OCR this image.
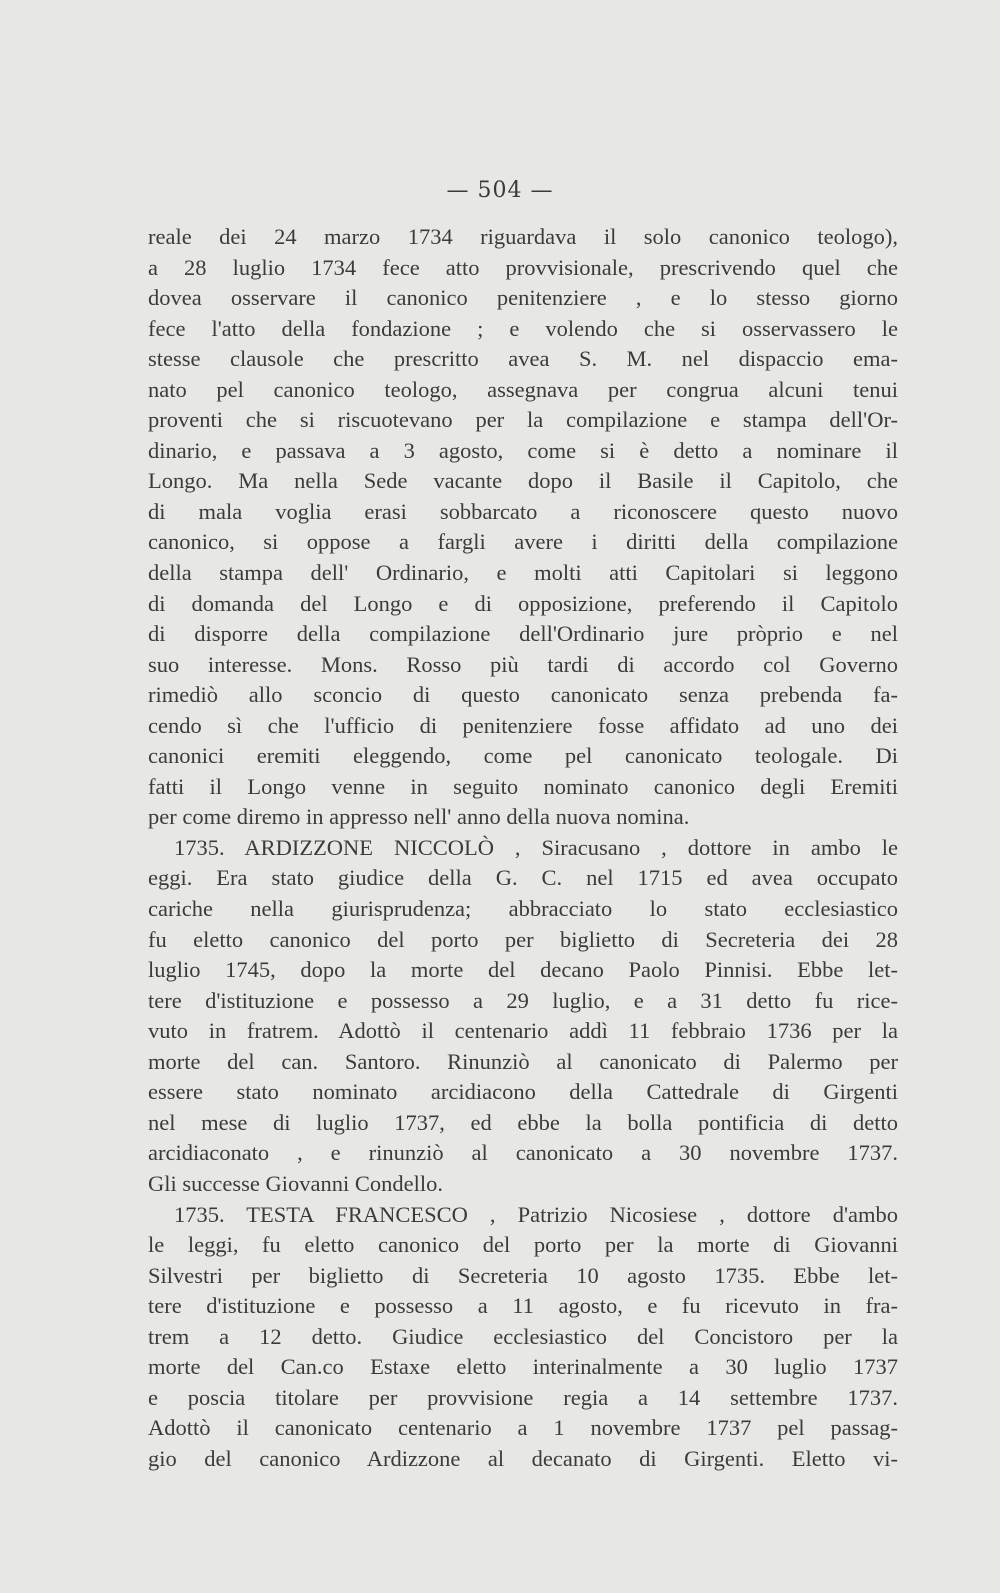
— 504 —
reale dei 24 marzo 1734 riguardava il solo canonico teologo),
a 28 luglio 1734 fece atto provvisionale, prescrivendo quel che
dovea osservare il canonico penitenziere , e lo stesso giorno
fece l'atto della fondazione ; e volendo che si osservassero le
stesse clausole che prescritto avea S. M. nel dispaccio ema-
nato pel canonico teologo, assegnava per congrua alcuni tenui
proventi che si riscuotevano per la compilazione e stampa dell'Or-
dinario, e passava a 3 agosto, come si è detto a nominare il
Longo. Ma nella Sede vacante dopo il Basile il Capitolo, che
di mala voglia erasi sobbarcato a riconoscere questo nuovo
canonico, si oppose a fargli avere i diritti della compilazione
della stampa dell' Ordinario, e molti atti Capitolari si leggono
di domanda del Longo e di opposizione, preferendo il Capitolo
di disporre della compilazione dell'Ordinario jure pròprio e nel
suo interesse. Mons. Rosso più tardi di accordo col Governo
rimediò allo sconcio di questo canonicato senza prebenda fa-
cendo sì che l'ufficio di penitenziere fosse affidato ad uno dei
canonici eremiti eleggendo, come pel canonicato teologale. Di
fatti il Longo venne in seguito nominato canonico degli Eremiti
per come diremo in appresso nell' anno della nuova nomina.
1735. ARDIZZONE NICCOLÒ , Siracusano , dottore in ambo le
eggi. Era stato giudice della G. C. nel 1715 ed avea occupato
cariche nella giurisprudenza; abbracciato lo stato ecclesiastico
fu eletto canonico del porto per biglietto di Secreteria dei 28
luglio 1745, dopo la morte del decano Paolo Pinnisi. Ebbe let-
tere d'istituzione e possesso a 29 luglio, e a 31 detto fu rice-
vuto in fratrem. Adottò il centenario addì 11 febbraio 1736 per la
morte del can. Santoro. Rinunziò al canonicato di Palermo per
essere stato nominato arcidiacono della Cattedrale di Girgenti
nel mese di luglio 1737, ed ebbe la bolla pontificia di detto
arcidiaconato , e rinunziò al canonicato a 30 novembre 1737.
Gli successe Giovanni Condello.
1735. TESTA FRANCESCO , Patrizio Nicosiese , dottore d'ambo
le leggi, fu eletto canonico del porto per la morte di Giovanni
Silvestri per biglietto di Secreteria 10 agosto 1735. Ebbe let-
tere d'istituzione e possesso a 11 agosto, e fu ricevuto in fra-
trem a 12 detto. Giudice ecclesiastico del Concistoro per la
morte del Can.co Estaxe eletto interinalmente a 30 luglio 1737
e poscia titolare per provvisione regia a 14 settembre 1737.
Adottò il canonicato centenario a 1 novembre 1737 pel passag-
gio del canonico Ardizzone al decanato di Girgenti. Eletto vi-
